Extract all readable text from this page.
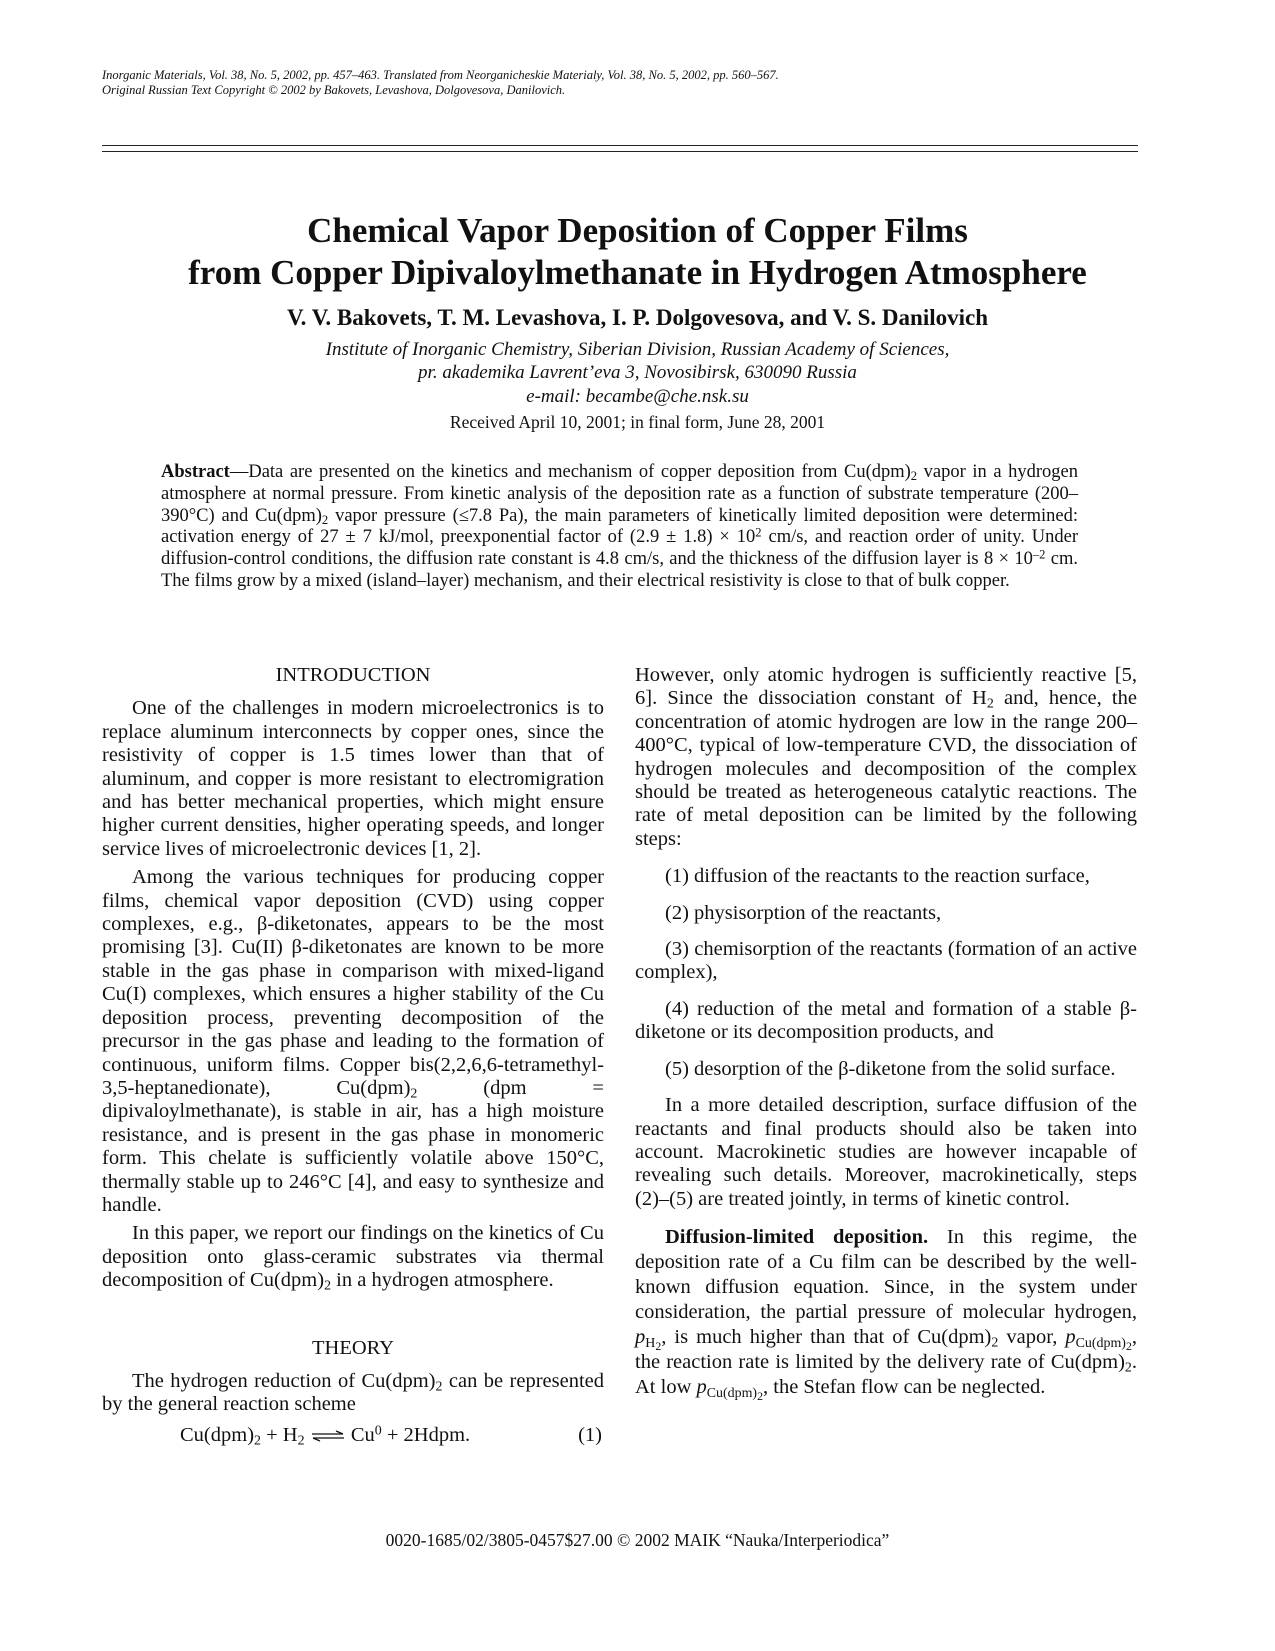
Inorganic Materials, Vol. 38, No. 5, 2002, pp. 457–463. Translated from Neorganicheskie Materialy, Vol. 38, No. 5, 2002, pp. 560–567.
Original Russian Text Copyright © 2002 by Bakovets, Levashova, Dolgovesova, Danilovich.
Chemical Vapor Deposition of Copper Films
from Copper Dipivaloylmethanate in Hydrogen Atmosphere
V. V. Bakovets, T. M. Levashova, I. P. Dolgovesova, and V. S. Danilovich
Institute of Inorganic Chemistry, Siberian Division, Russian Academy of Sciences,
pr. akademika Lavrent’eva 3, Novosibirsk, 630090 Russia
e-mail: becambe@che.nsk.su
Received April 10, 2001; in final form, June 28, 2001
Abstract—Data are presented on the kinetics and mechanism of copper deposition from $Cu(dpm)_2$ vapor in a hydrogen atmosphere at normal pressure. From kinetic analysis of the deposition rate as a function of substrate temperature (200–390°C) and $Cu(dpm)_2$ vapor pressure (≤7.8 Pa), the main parameters of kinetically limited deposition were determined: activation energy of 27 ± 7 kJ/mol, preexponential factor of $(2.9 \pm 1.8) \times 10^2$ cm/s, and reaction order of unity. Under diffusion-control conditions, the diffusion rate constant is 4.8 cm/s, and the thickness of the diffusion layer is $8 \times 10^{-2}$ cm. The films grow by a mixed (island–layer) mechanism, and their electrical resistivity is close to that of bulk copper.
INTRODUCTION

One of the challenges in modern microelectronics is to replace aluminum interconnects by copper ones, since the resistivity of copper is 1.5 times lower than that of aluminum, and copper is more resistant to electromigration and has better mechanical properties, which might ensure higher current densities, higher operating speeds, and longer service lives of microelectronic devices [1, 2].

Among the various techniques for producing copper films, chemical vapor deposition (CVD) using copper complexes, e.g., β-diketonates, appears to be the most promising [3]. Cu(II) β-diketonates are known to be more stable in the gas phase in comparison with mixed-ligand Cu(I) complexes, which ensures a higher stability of the Cu deposition process, preventing decomposition of the precursor in the gas phase and leading to the formation of continuous, uniform films. Copper bis(2,2,6,6-tetramethyl-3,5-heptanedionate), $Cu(dpm)_2$ (dpm = dipivaloylmethanate), is stable in air, has a high moisture resistance, and is present in the gas phase in monomeric form. This chelate is sufficiently volatile above 150°C, thermally stable up to 246°C [4], and easy to synthesize and handle.

In this paper, we report our findings on the kinetics of Cu deposition onto glass-ceramic substrates via thermal decomposition of $Cu(dpm)_2$ in a hydrogen atmosphere.

THEORY

The hydrogen reduction of $Cu(dpm)_2$ can be represented by the general reaction scheme

$Cu(dpm)_2 + H_2$ ⇌ $Cu^0$ + 2Hdpm.	(1)

However, only atomic hydrogen is sufficiently reactive [5, 6]. Since the dissociation constant of $H_2$ and, hence, the concentration of atomic hydrogen are low in the range 200–400°C, typical of low-temperature CVD, the dissociation of hydrogen molecules and decomposition of the complex should be treated as heterogeneous catalytic reactions. The rate of metal deposition can be limited by the following steps:

(1) diffusion of the reactants to the reaction surface,

(2) physisorption of the reactants,

(3) chemisorption of the reactants (formation of an active complex),

(4) reduction of the metal and formation of a stable β-diketone or its decomposition products, and

(5) desorption of the β-diketone from the solid surface.

In a more detailed description, surface diffusion of the reactants and final products should also be taken into account. Macrokinetic studies are however incapable of revealing such details. Moreover, macrokinetically, steps (2)–(5) are treated jointly, in terms of kinetic control.

Diffusion-limited deposition. In this regime, the deposition rate of a Cu film can be described by the well-known diffusion equation. Since, in the system under consideration, the partial pressure of molecular hydrogen, $p_{H_2}$, is much higher than that of $Cu(dpm)_2$ vapor, $p_{Cu(dpm)_2}$, the reaction rate is limited by the delivery rate of $Cu(dpm)_2$. At low $p_{Cu(dpm)_2}$, the Stefan flow can be neglected.

0020-1685/02/3805-0457$27.00 © 2002 MAIK “Nauka/Interperiodica”
